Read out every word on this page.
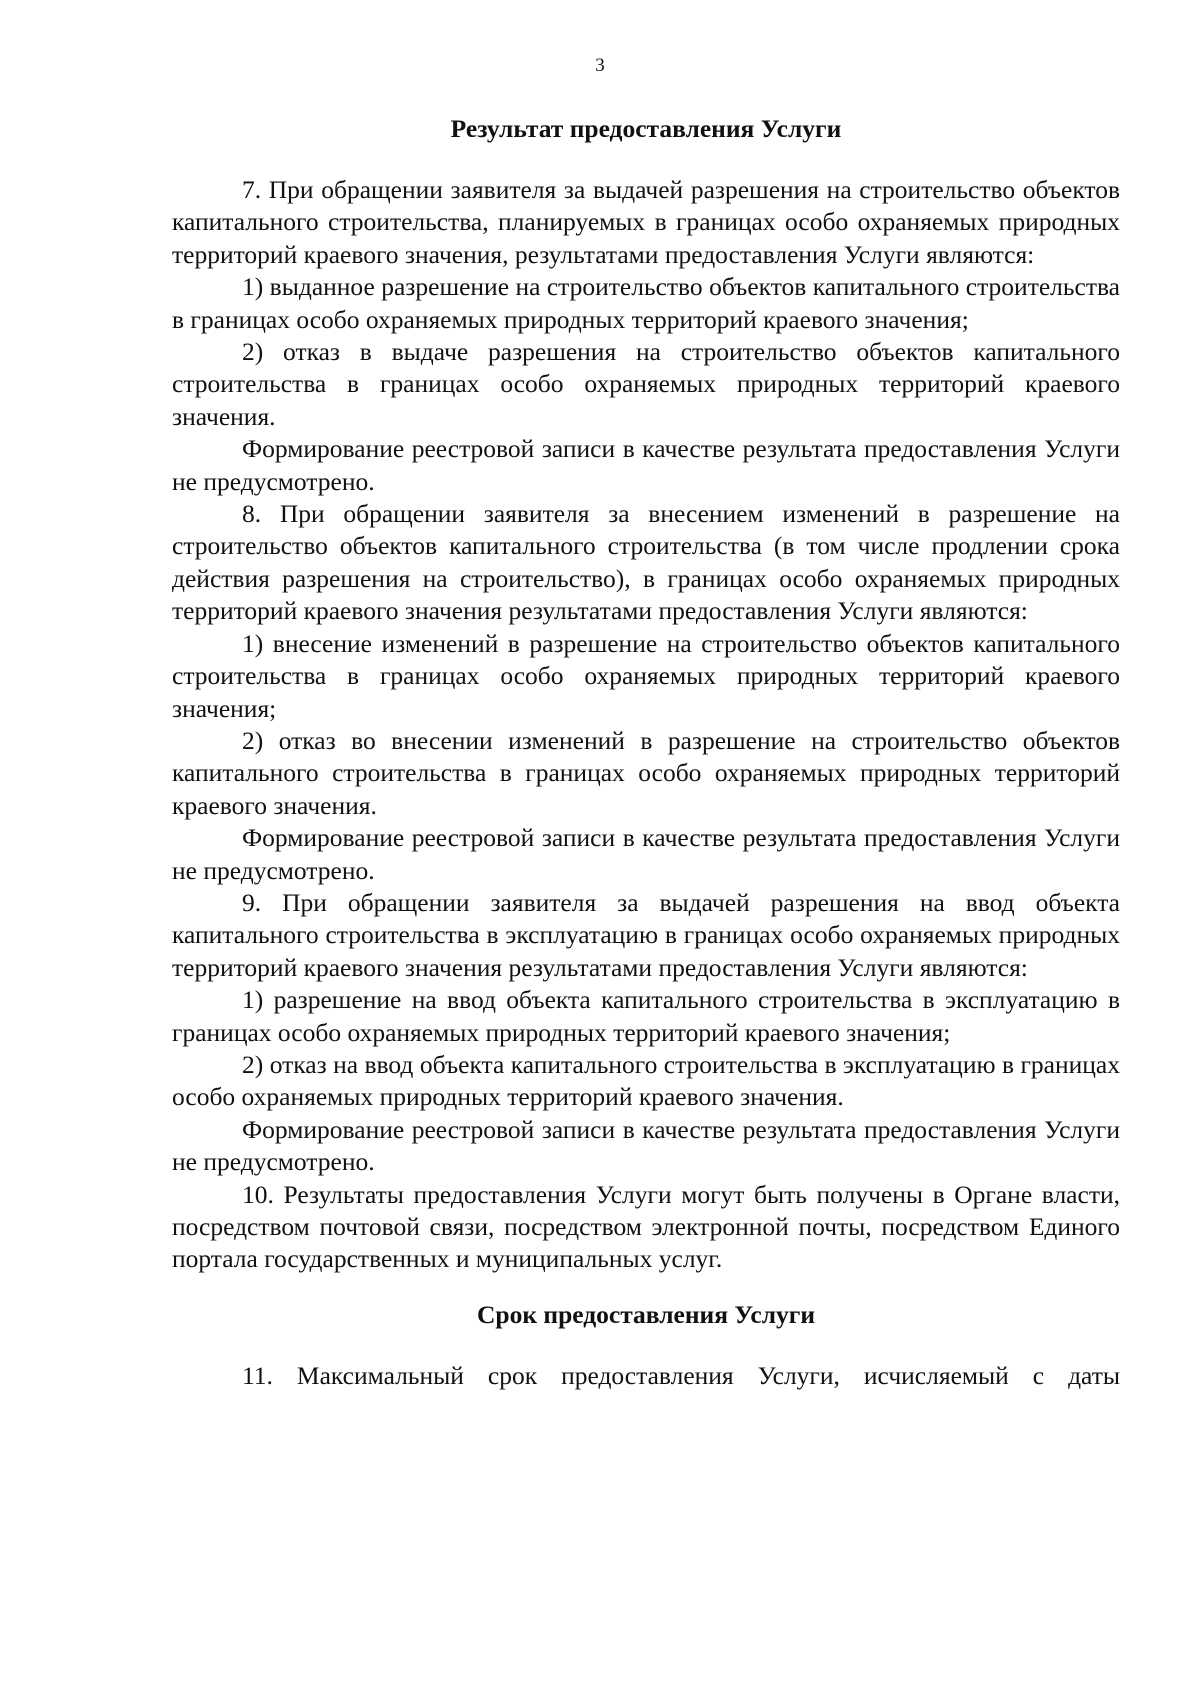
3
Результат предоставления Услуги

7. При обращении заявителя за выдачей разрешения на строительство объектов капитального строительства, планируемых в границах особо охраняемых природных территорий краевого значения, результатами предоставления Услуги являются:

1) выданное разрешение на строительство объектов капитального строительства в границах особо охраняемых природных территорий краевого значения;

2) отказ в выдаче разрешения на строительство объектов капитального строительства в границах особо охраняемых природных территорий краевого значения.

Формирование реестровой записи в качестве результата предоставления Услуги не предусмотрено.

8. При обращении заявителя за внесением изменений в разрешение на строительство объектов капитального строительства (в том числе продлении срока действия разрешения на строительство), в границах особо охраняемых природных территорий краевого значения результатами предоставления Услуги являются:

1) внесение изменений в разрешение на строительство объектов капитального строительства в границах особо охраняемых природных территорий краевого значения;

2) отказ во внесении изменений в разрешение на строительство объектов капитального строительства в границах особо охраняемых природных территорий краевого значения.

Формирование реестровой записи в качестве результата предоставления Услуги не предусмотрено.

9. При обращении заявителя за выдачей разрешения на ввод объекта капитального строительства в эксплуатацию в границах особо охраняемых природных территорий краевого значения результатами предоставления Услуги являются:

1) разрешение на ввод объекта капитального строительства в эксплуатацию в границах особо охраняемых природных территорий краевого значения;

2) отказ на ввод объекта капитального строительства в эксплуатацию в границах особо охраняемых природных территорий краевого значения.

Формирование реестровой записи в качестве результата предоставления Услуги не предусмотрено.

10. Результаты предоставления Услуги могут быть получены в Органе власти, посредством почтовой связи, посредством электронной почты, посредством Единого портала государственных и муниципальных услуг.

Срок предоставления Услуги

11. Максимальный срок предоставления Услуги, исчисляемый с даты
